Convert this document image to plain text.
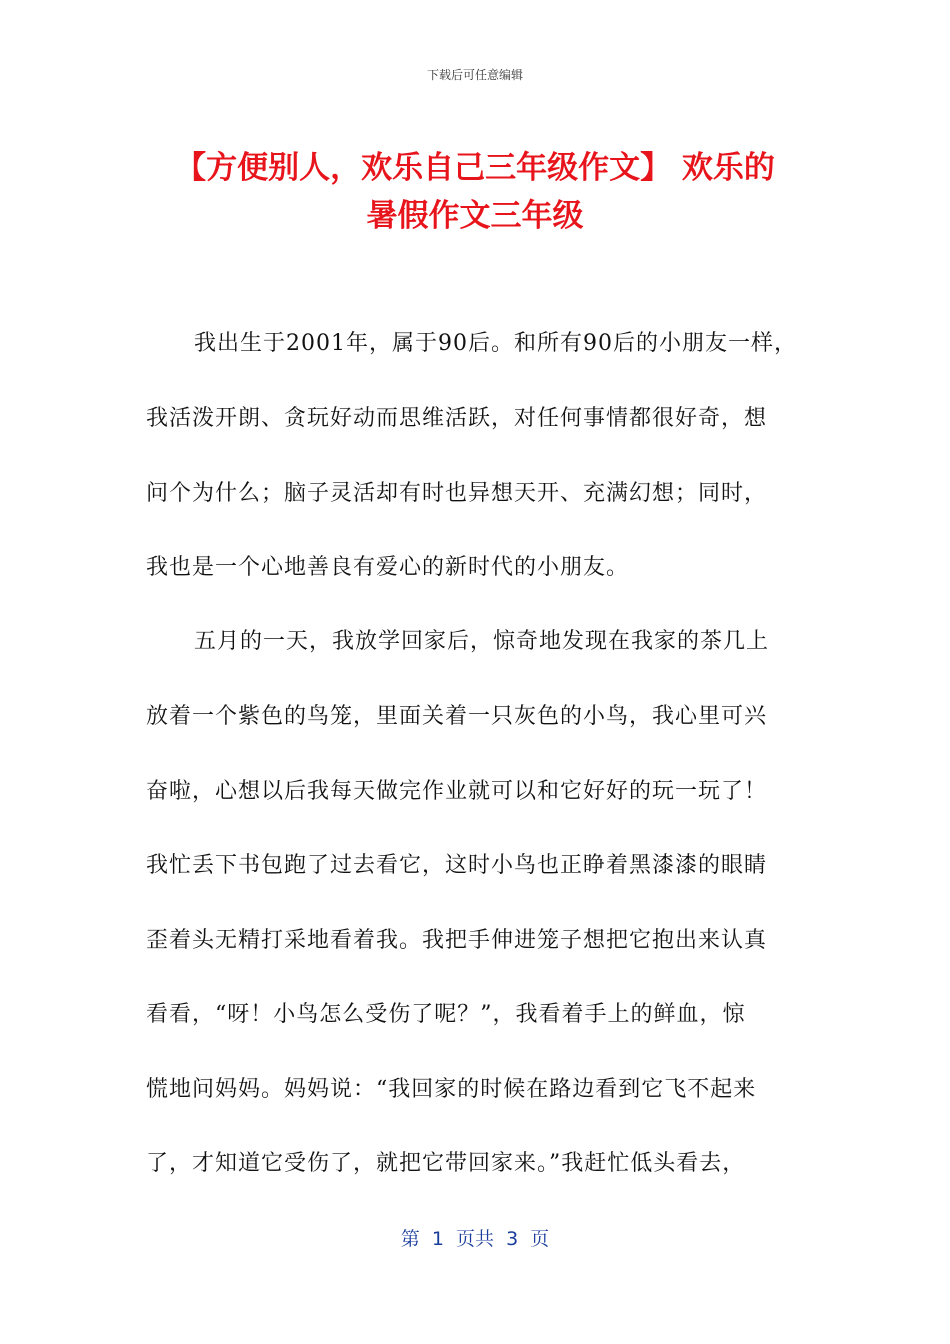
下载后可任意编辑
【方便别人，欢乐自己三年级作文】 欢乐的
暑假作文三年级
我出生于2001年，属于90后。和所有90后的小朋友一样，
我活泼开朗、贪玩好动而思维活跃，对任何事情都很好奇，想
问个为什么；脑子灵活却有时也异想天开、充满幻想；同时，
我也是一个心地善良有爱心的新时代的小朋友。
五月的一天，我放学回家后，惊奇地发现在我家的茶几上
放着一个紫色的鸟笼，里面关着一只灰色的小鸟，我心里可兴
奋啦，心想以后我每天做完作业就可以和它好好的玩一玩了！
我忙丢下书包跑了过去看它，这时小鸟也正睁着黑漆漆的眼睛
歪着头无精打采地看着我。我把手伸进笼子想把它抱出来认真
看看，“呀！小鸟怎么受伤了呢？”，我看着手上的鲜血，惊
慌地问妈妈。妈妈说：“我回家的时候在路边看到它飞不起来
了，才知道它受伤了，就把它带回家来。”我赶忙低头看去，
第  1  页共  3  页
